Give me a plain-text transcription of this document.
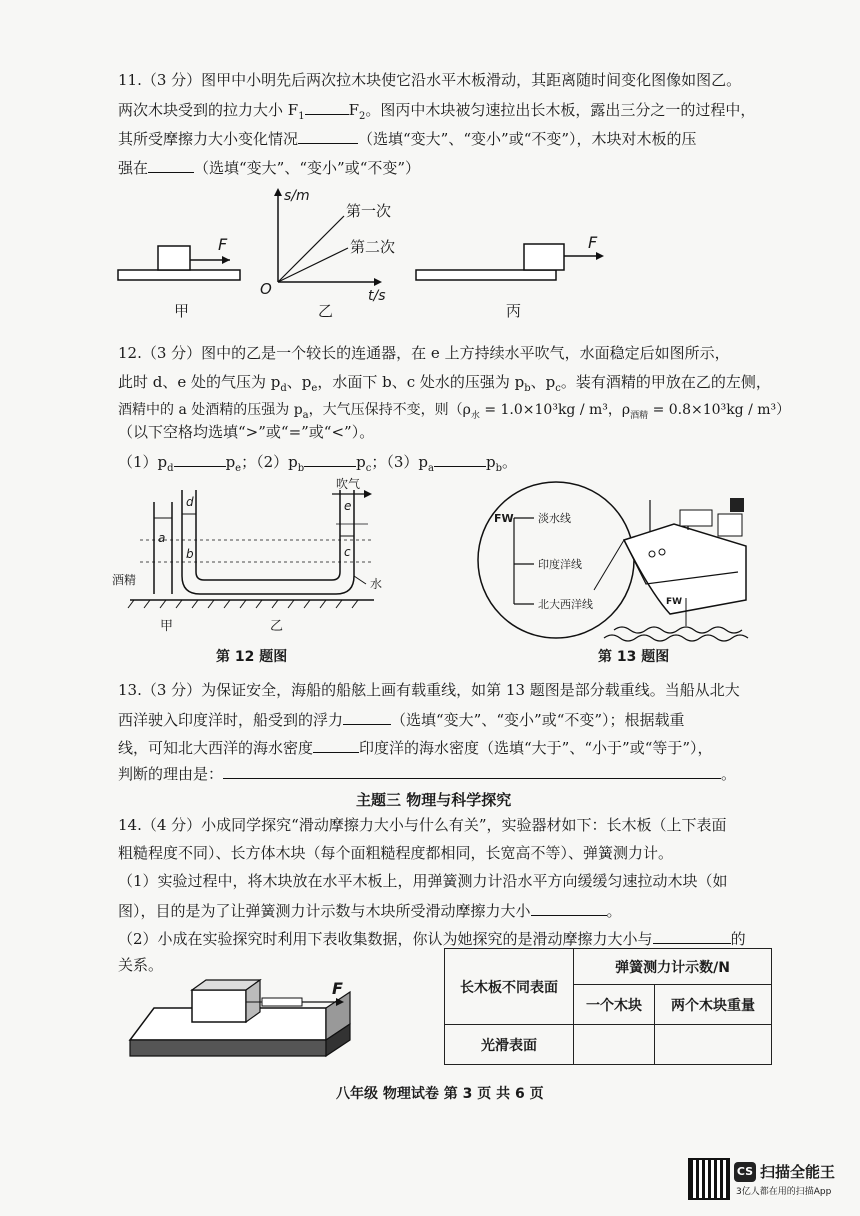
11.（3 分）图甲中小明先后两次拉木块使它沿水平木板滑动，其距离随时间变化图像如图乙。
两次木块受到的拉力大小 $F_1$	$F_2$。图丙中木块被匀速拉出长木板，露出三分之一的过程中，
其所受摩擦力大小变化情况	（选填“变大”、“变小”或“不变”），木块对木板的压
强在	（选填“变大”、“变小”或“不变”）
F
s/m
t/s
O
第一次
第二次	F
甲	乙	丙
12.（3 分）图中的乙是一个较长的连通器，在 e 上方持续水平吹气，水面稳定后如图所示，
此时 d、e 处的气压为 $p_d$、$p_e$，水面下 b、c 处水的压强为 $p_b$、$p_c$。装有酒精的甲放在乙的左侧，
酒精中的 a 处酒精的压强为 $p_a$，大气压保持不变，则（$\rho_水 = 1.0\times 10^3kg / m^3$，$\rho_{酒精} = 0.8\times 10^3kg / m^3$）
（以下空格均选填“>”或“=”或“<”）。
$(1)p_d$	$p_e$；$(2)p_b$	$p_c$；$(3)p_a$	$p_b$。
吹气
a
b	c
d	e
酒精	水
甲	乙
第 12 题图
FW 淡水线
印度洋线
北大西洋线	FW
第 13 题图
13.（3 分）为保证安全，海船的船舷上画有载重线，如第 13 题图是部分载重线。当船从北大
西洋驶入印度洋时，船受到的浮力	（选填“变大”、“变小”或“不变”）；根据载重
线，可知北大西洋的海水密度	印度洋的海水密度（选填“大于”、“小于”或“等于”），
判断的理由是：	。
主题三 物理与科学探究
14.（4 分）小成同学探究“滑动摩擦力大小与什么有关”，实验器材如下：长木板（上下表面
粗糙程度不同）、长方体木块（每个面粗糙程度都相同，长宽高不等）、弹簧测力计。
（1）实验过程中，将木块放在水平木板上，用弹簧测力计沿水平方向缓缓匀速拉动木块（如
图），目的是为了让弹簧测力计示数与木块所受滑动摩擦力大小	。
（2）小成在实验探究时利用下表收集数据，你认为她探究的是滑动摩擦力大小与	的
关系。
F	长木板不同表面	弹簧测力计示数/N	
	一个木块	两个木块重量
光滑表面		
八年级 物理试卷 第 3 页 共 6 页
CS 扫描全能王
3亿人都在用的扫描App
